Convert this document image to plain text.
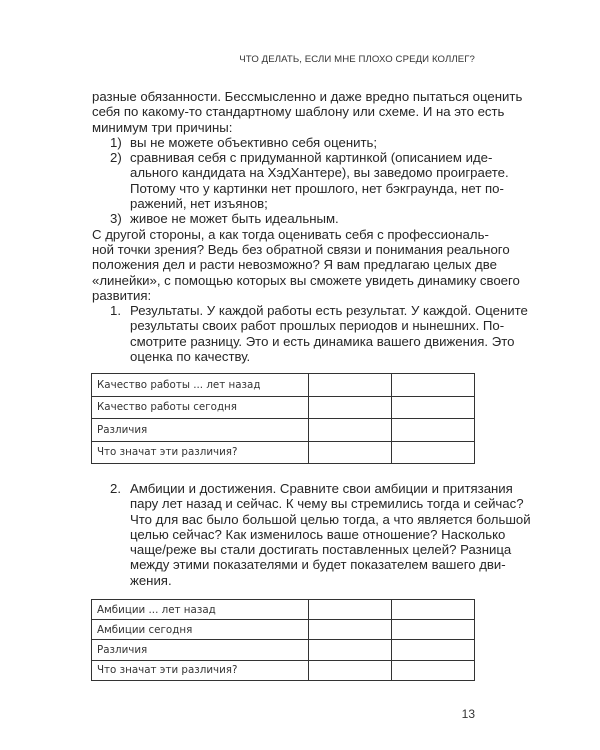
ЧТО ДЕЛАТЬ, ЕСЛИ МНЕ ПЛОХО СРЕДИ КОЛЛЕГ?
разные обязанности. Бессмысленно и даже вредно пытаться оценить
себя по какому-то стандартному шаблону или схеме. И на это есть
минимум три причины:
1) вы не можете объективно себя оценить;
2) сравнивая себя с придуманной картинкой (описанием иде-
ального кандидата на ХэдХантере), вы заведомо проиграете.
Потому что у картинки нет прошлого, нет бэкграунда, нет по-
ражений, нет изъянов;
3) живое не может быть идеальным.
С другой стороны, а как тогда оценивать себя с профессиональ-
ной точки зрения? Ведь без обратной связи и понимания реального
положения дел и расти невозможно? Я вам предлагаю целых две
«линейки», с помощью которых вы сможете увидеть динамику своего
развития:
1. Результаты. У каждой работы есть результат. У каждой. Оцените
результаты своих работ прошлых периодов и нынешних. По-
смотрите разницу. Это и есть динамика вашего движения. Это
оценка по качеству.
Качество работы ... лет назад		
Качество работы сегодня		
Различия		
Что значат эти различия?		
2. Амбиции и достижения. Сравните свои амбиции и притязания
пару лет назад и сейчас. К чему вы стремились тогда и сейчас?
Что для вас было большой целью тогда, а что является большой
целью сейчас? Как изменилось ваше отношение? Насколько
чаще/реже вы стали достигать поставленных целей? Разница
между этими показателями и будет показателем вашего дви-
жения.
Амбиции ... лет назад		
Амбиции сегодня		
Различия		
Что значат эти различия?		
13
